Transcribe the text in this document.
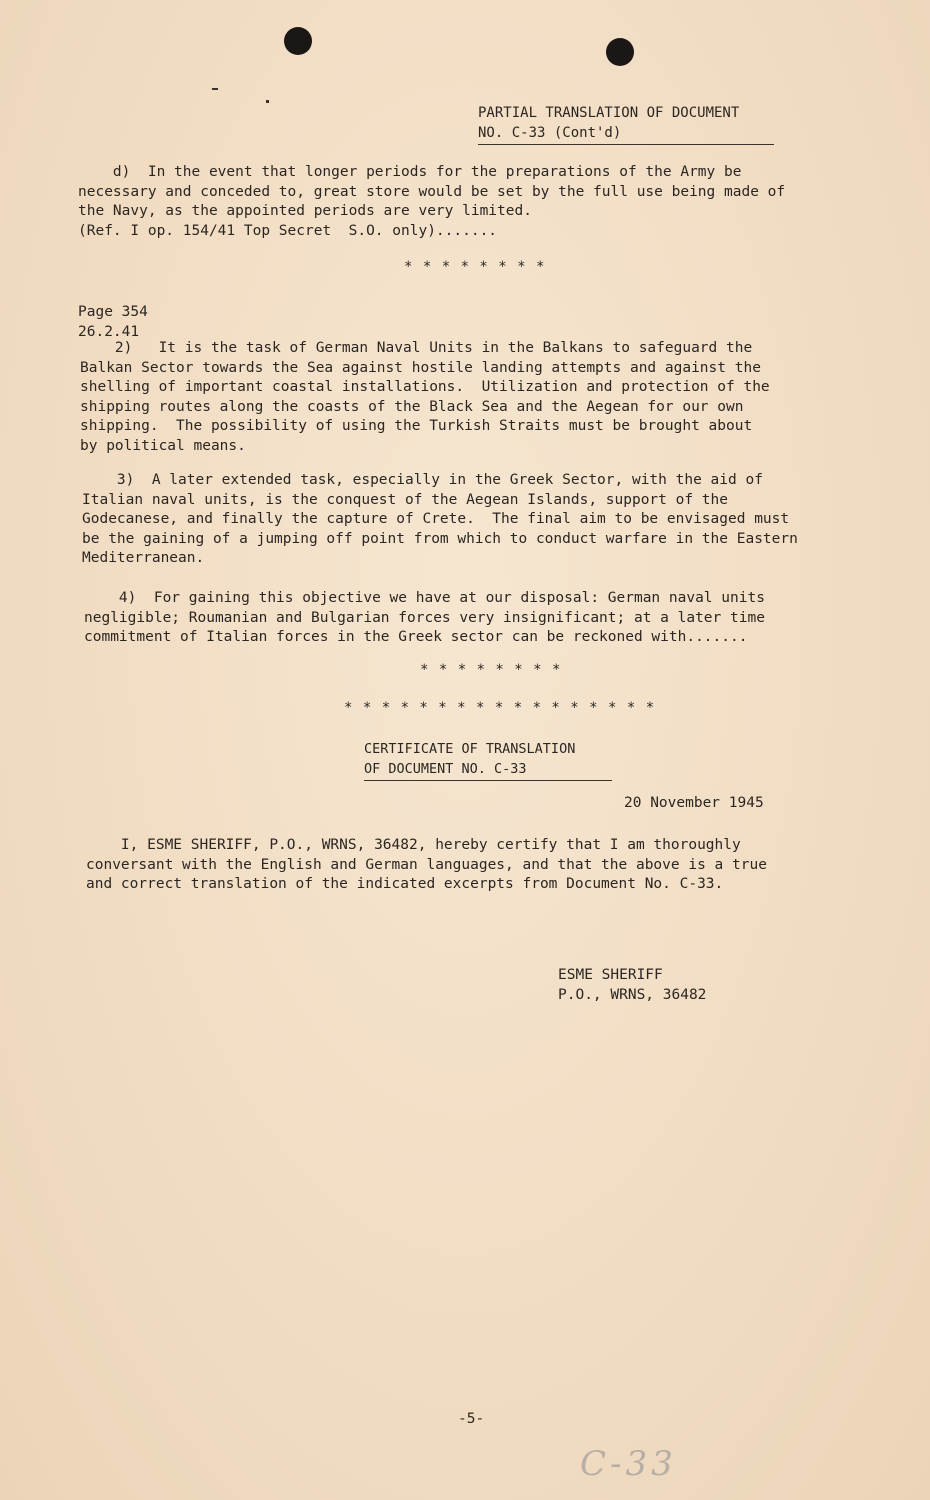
PARTIAL TRANSLATION OF DOCUMENT
NO. C-33 (Cont'd)
d)  In the event that longer periods for the preparations of the Army be
necessary and conceded to, great store would be set by the full use being made of
the Navy, as the appointed periods are very limited.
(Ref. I op. 154/41 Top Secret  S.O. only).......
* * * * * * * *
Page 354
26.2.41
2)   It is the task of German Naval Units in the Balkans to safeguard the
Balkan Sector towards the Sea against hostile landing attempts and against the
shelling of important coastal installations.  Utilization and protection of the
shipping routes along the coasts of the Black Sea and the Aegean for our own
shipping.  The possibility of using the Turkish Straits must be brought about
by political means.
3)  A later extended task, especially in the Greek Sector, with the aid of
Italian naval units, is the conquest of the Aegean Islands, support of the
Godecanese, and finally the capture of Crete.  The final aim to be envisaged must
be the gaining of a jumping off point from which to conduct warfare in the Eastern
Mediterranean.
4)  For gaining this objective we have at our disposal: German naval units
negligible; Roumanian and Bulgarian forces very insignificant; at a later time
commitment of Italian forces in the Greek sector can be reckoned with.......
* * * * * * * *
* * * * * * * * * * * * * * * * *
CERTIFICATE OF TRANSLATION
OF DOCUMENT NO. C-33
20 November 1945
I, ESME SHERIFF, P.O., WRNS, 36482, hereby certify that I am thoroughly
conversant with the English and German languages, and that the above is a true
and correct translation of the indicated excerpts from Document No. C-33.
ESME SHERIFF
P.O., WRNS, 36482
-5-
C-33
